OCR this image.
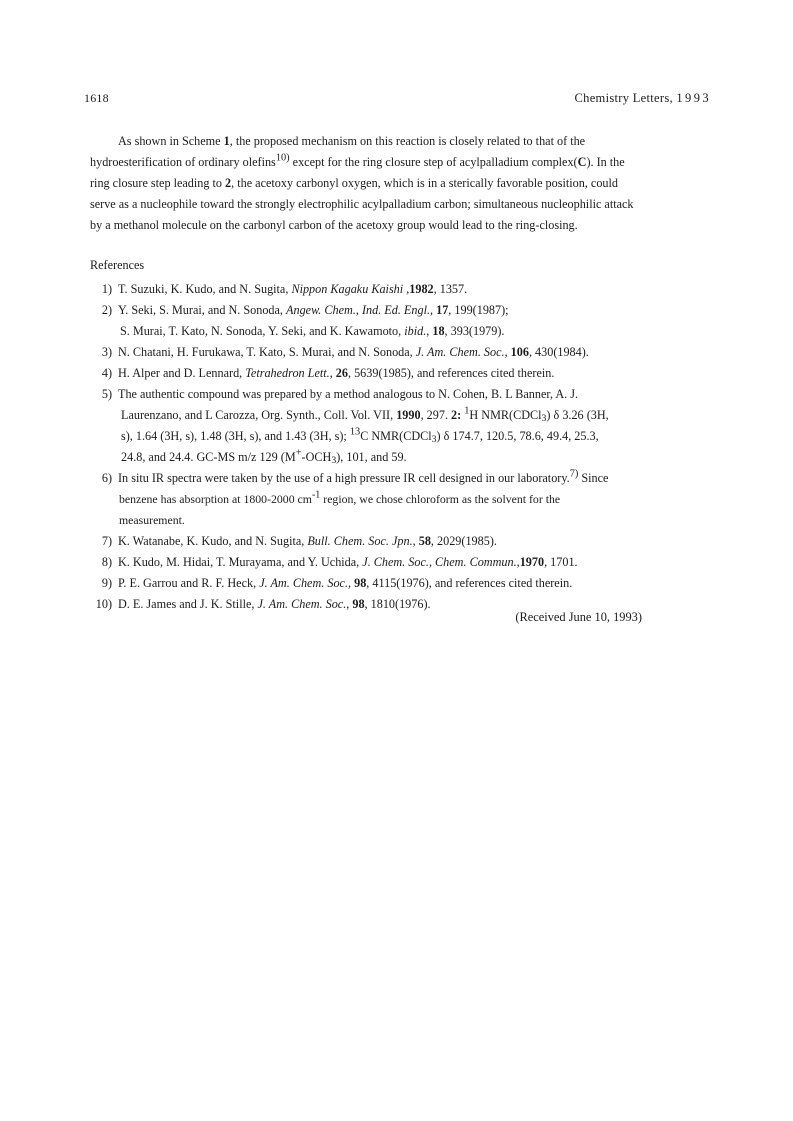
1618	Chemistry Letters, 1993
As shown in Scheme 1, the proposed mechanism on this reaction is closely related to that of the
hydroesterification of ordinary olefins$^{10)}$ except for the ring closure step of acylpalladium complex(C). In the
ring closure step leading to 2, the acetoxy carbonyl oxygen, which is in a sterically favorable position, could
serve as a nucleophile toward the strongly electrophilic acylpalladium carbon; simultaneous nucleophilic attack
by a methanol molecule on the carbonyl carbon of the acetoxy group would lead to the ring-closing.
References
1) T. Suzuki, K. Kudo, and N. Sugita, Nippon Kagaku Kaishi ,1982, 1357.
2) Y. Seki, S. Murai, and N. Sonoda, Angew. Chem., Ind. Ed. Engl., 17, 199(1987);
S. Murai, T. Kato, N. Sonoda, Y. Seki, and K. Kawamoto, ibid., 18, 393(1979).
3) N. Chatani, H. Furukawa, T. Kato, S. Murai, and N. Sonoda, J. Am. Chem. Soc., 106, 430(1984).
4) H. Alper and D. Lennard, Tetrahedron Lett., 26, 5639(1985), and references cited therein.
5) The authentic compound was prepared by a method analogous to N. Cohen, B. L Banner, A. J.
Laurenzano, and L Carozza, Org. Synth., Coll. Vol. VII, 1990, 297. 2: $^1$H NMR(CDCl$_3$) δ 3.26 (3H,
s), 1.64 (3H, s), 1.48 (3H, s), and 1.43 (3H, s); $^{13}$C NMR(CDCl$_3$) δ 174.7, 120.5, 78.6, 49.4, 25.3,
24.8, and 24.4. GC-MS m/z 129 $(M^+-OCH_3)$, 101, and 59.
6) In situ IR spectra were taken by the use of a high pressure IR cell designed in our laboratory.$^{7)}$ Since
benzene has absorption at 1800-2000 $cm^{-1}$ region, we chose chloroform as the solvent for the
measurement.
7) K. Watanabe, K. Kudo, and N. Sugita, Bull. Chem. Soc. Jpn., 58, 2029(1985).
8) K. Kudo, M. Hidai, T. Murayama, and Y. Uchida, J. Chem. Soc., Chem. Commun.,1970, 1701.
9) P. E. Garrou and R. F. Heck, J. Am. Chem. Soc., 98, 4115(1976), and references cited therein.
10) D. E. James and J. K. Stille, J. Am. Chem. Soc., 98, 1810(1976).
(Received June 10, 1993)
